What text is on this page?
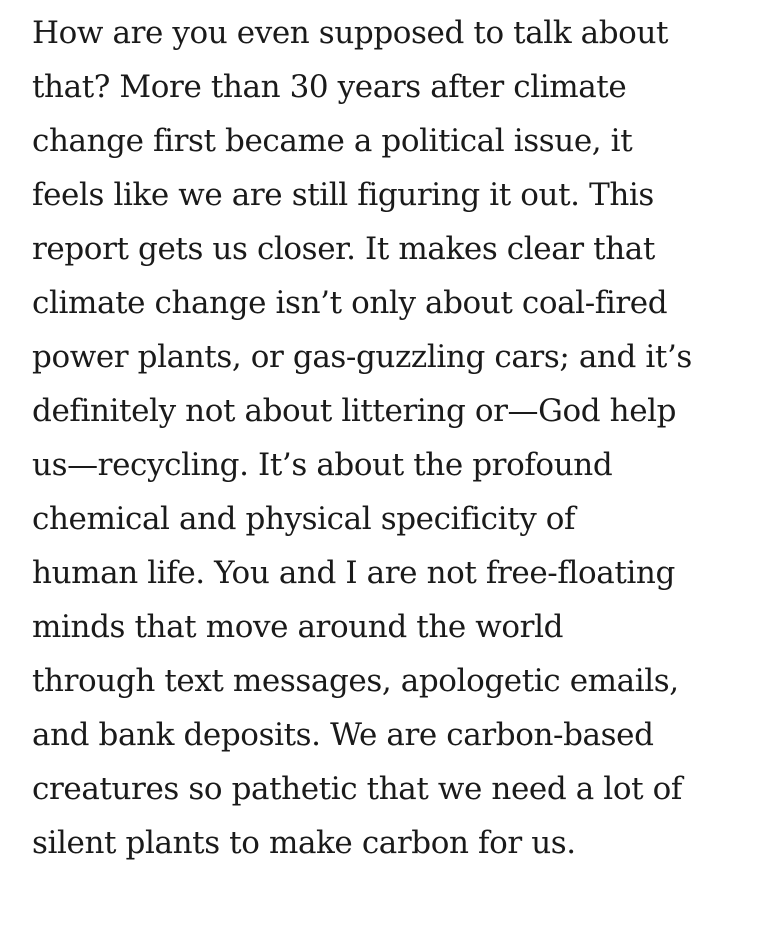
How are you even supposed to talk about
that? More than 30 years after climate
change first became a political issue, it
feels like we are still figuring it out. This
report gets us closer. It makes clear that
climate change isn’t only about coal-fired
power plants, or gas-guzzling cars; and it’s
definitely not about littering or—God help
us—recycling. It’s about the profound
chemical and physical specificity of
human life. You and I are not free-floating
minds that move around the world
through text messages, apologetic emails,
and bank deposits. We are carbon-based
creatures so pathetic that we need a lot of
silent plants to make carbon for us.
